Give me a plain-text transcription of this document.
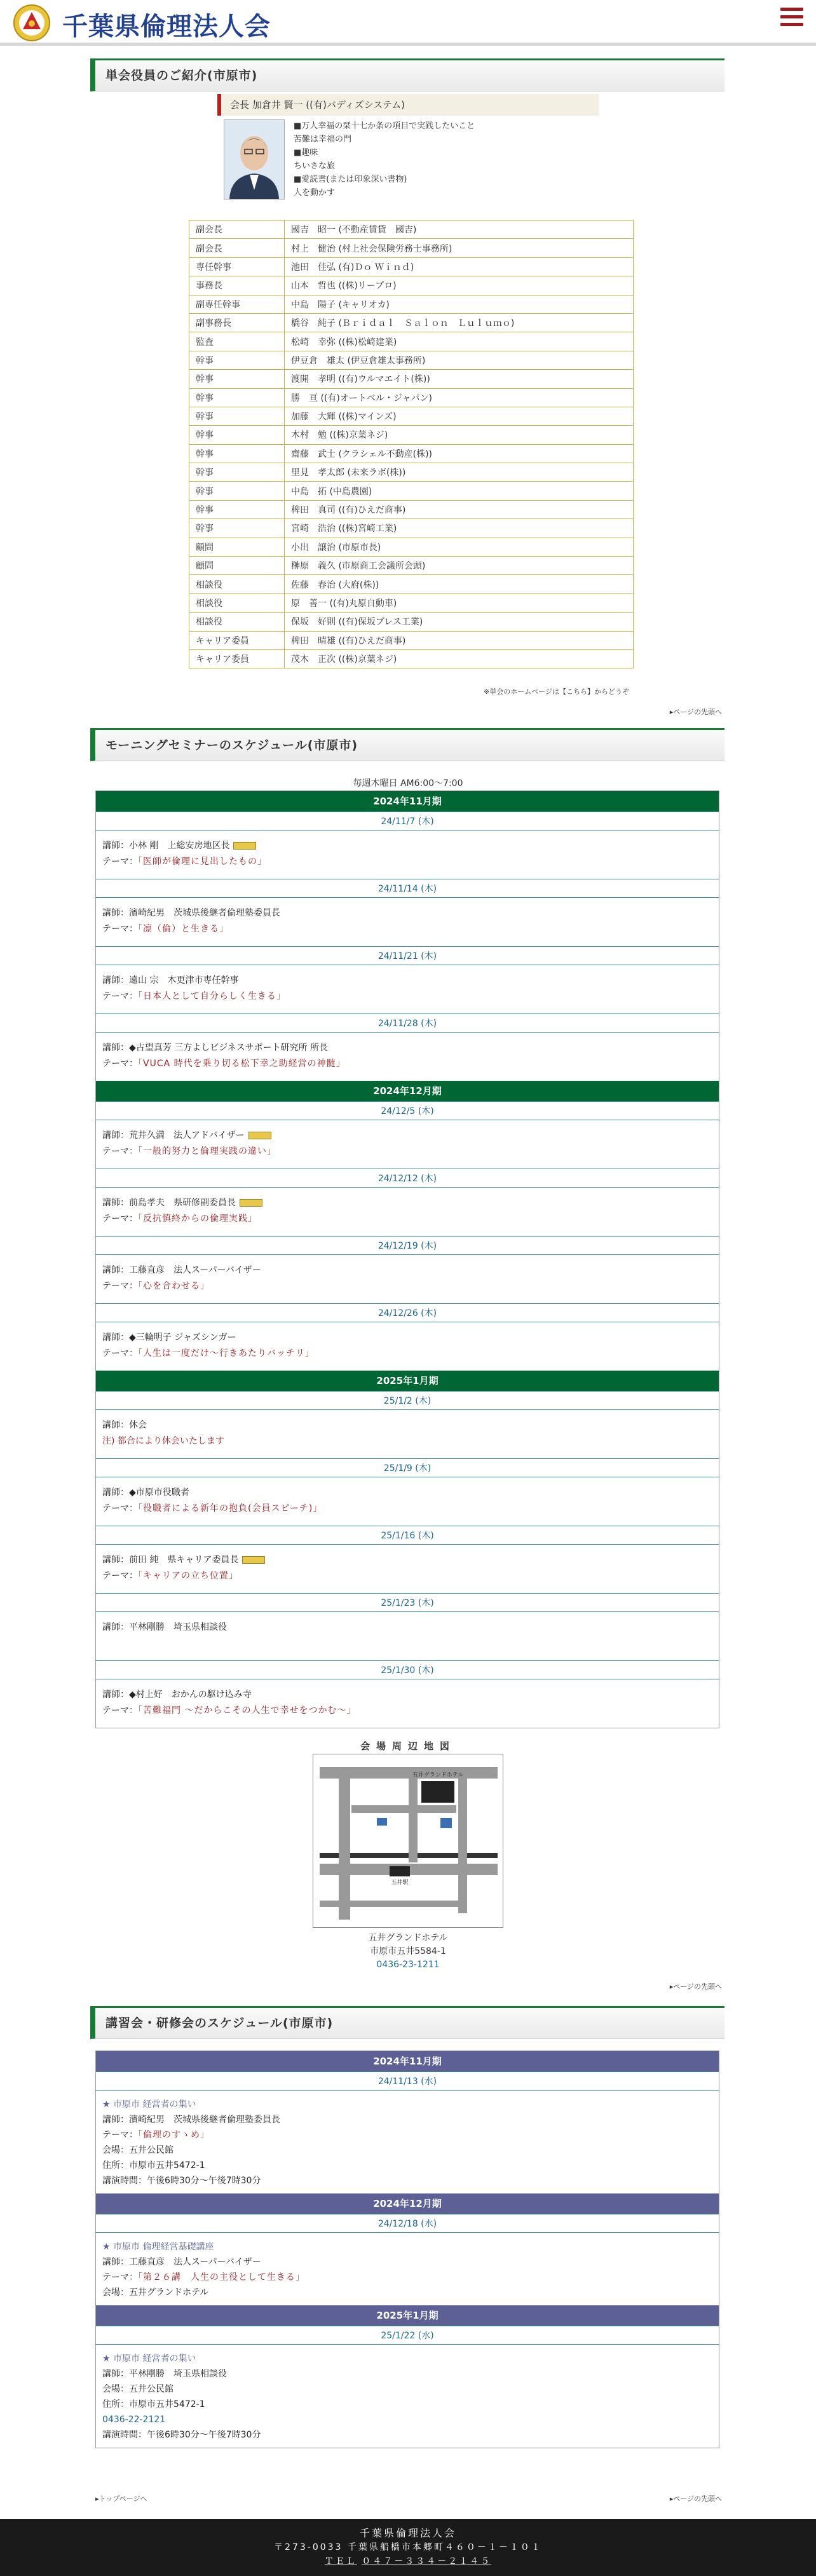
千葉県倫理法人会
単会役員のご紹介(市原市)
会長 加倉井 賢一 ((有)バディズシステム)
■万人幸福の栞十七か条の項目で実践したいこと
苦難は幸福の門
■趣味
ちいさな旅
■愛読書(または印象深い書物)
人を動かす
副会長	國吉　昭一 (不動産賃貸　國吉)
副会長	村上　健治 (村上社会保険労務士事務所)
専任幹事	池田　佳弘 (有)Ｄｏ Ｗｉｎｄ)
事務長	山本　哲也 ((株)リープロ)
副専任幹事	中島　陽子 (キャリオカ)
副事務長	橋谷　純子 (Ｂｒｉｄａｌ　Ｓａｌｏｎ　Ｌｕｌｕｍｏ)
監査	松崎　幸弥 ((株)松崎建業)
幹事	伊豆倉　雄太 (伊豆倉雄太事務所)
幹事	渡開　孝明 ((有)ウルマエイト(株))
幹事	勝　亘 ((有)オートベル・ジャパン)
幹事	加藤　大輝 ((株)マインズ)
幹事	木村　勉 ((株)京葉ネジ)
幹事	齋藤　武士 (クラシェル不動産(株))
幹事	里見　孝太郎 (未来ラボ(株))
幹事	中島　拓 (中島農園)
幹事	稗田　真司 ((有)ひえだ商事)
幹事	宮崎　浩治 ((株)宮崎工業)
顧問	小出　譲治 (市原市長)
顧問	榊原　義久 (市原商工会議所会頭)
相談役	佐藤　春治 (大府(株))
相談役	原　善一 ((有)丸原自動車)
相談役	保坂　好則 ((有)保坂プレス工業)
キャリア委員	稗田　晴雄 ((有)ひえだ商事)
キャリア委員	茂木　正次 ((株)京葉ネジ)
※単会のホームページは【こちら】からどうぞ
▸ページの先頭へ
モーニングセミナーのスケジュール(市原市)
毎週木曜日 AM6:00～7:00
2024年11月期
24/11/7 (木)
講師：小林 剛　上総安房地区長
テーマ：「医師が倫理に見出したもの」
24/11/14 (木)
講師：濱崎紀男　茨城県後継者倫理塾委員長
テーマ：「凛（倫）と生きる」
24/11/21 (木)
講師：遠山 宗　木更津市専任幹事
テーマ：「日本人として自分らしく生きる」
24/11/28 (木)
講師：◆古望真芳 三方よしビジネスサポート研究所 所長
テーマ：「VUCA 時代を乗り切る松下幸之助経営の神髄」
2024年12月期
24/12/5 (木)
講師：荒井久満　法人アドバイザー
テーマ：「一般的努力と倫理実践の違い」
24/12/12 (木)
講師：前島孝夫　県研修副委員長
テーマ：「反抗慎終からの倫理実践」
24/12/19 (木)
講師：工藤直彦　法人スーパーバイザー
テーマ：「心を合わせる」
24/12/26 (木)
講師：◆三輪明子 ジャズシンガー
テーマ：「人生は一度だけ～行きあたりバッチリ」
2025年1月期
25/1/2 (木)
講師：休会
注) 都合により休会いたします
25/1/9 (木)
講師：◆市原市役職者
テーマ：「役職者による新年の抱負(会員スピーチ)」
25/1/16 (木)
講師：前田 純　県キャリア委員長
テーマ：「キャリアの立ち位置」
25/1/23 (木)
講師：平林剛勝　埼玉県相談役
25/1/30 (木)
講師：◆村上好　おかんの駆け込み寺
テーマ：「苦難福門 ～だからこその人生で幸せをつかむ～」
会場周辺地図
五井グランドホテル
五井駅
五井グランドホテル
市原市五井5584-1
0436-23-1211
▸ページの先頭へ
講習会・研修会のスケジュール(市原市)
2024年11月期
24/11/13 (水)
★ 市原市 経営者の集い
講師：濱崎紀男　茨城県後継者倫理塾委員長
テーマ：「倫理のすゝめ」
会場：五井公民館
住所：市原市五井5472-1
講演時間：午後6時30分～午後7時30分
2024年12月期
24/12/18 (水)
★ 市原市 倫理経営基礎講座
講師：工藤直彦　法人スーパーバイザー
テーマ：「第２６講　人生の主役として生きる」
会場：五井グランドホテル
2025年1月期
25/1/22 (水)
★ 市原市 経営者の集い
講師：平林剛勝　埼玉県相談役
会場：五井公民館
住所：市原市五井5472-1
0436-22-2121
講演時間：午後6時30分～午後7時30分
▸トップページへ	▸ページの先頭へ
千葉県倫理法人会
〒273-0033 千葉県船橋市本郷町４６０－１－１０１
ＴＥＬ ０４７－３３４－２１４５
